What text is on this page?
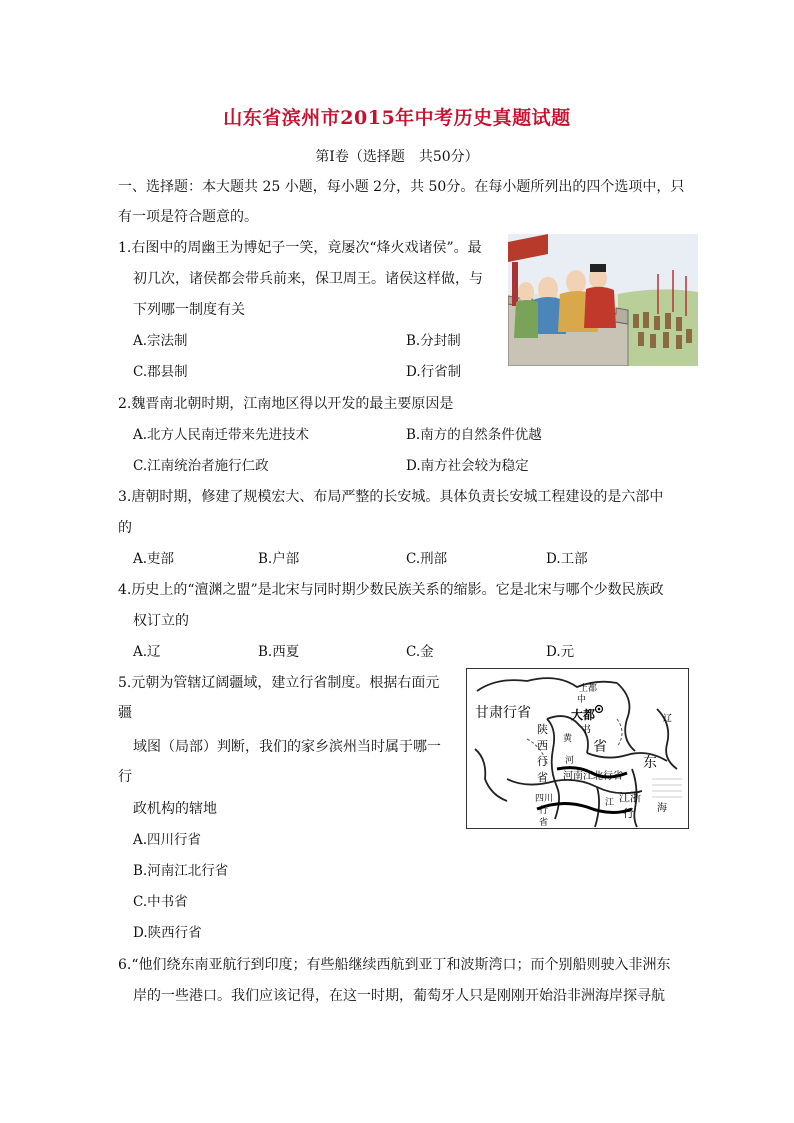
山东省滨州市2015年中考历史真题试题
第Ⅰ卷（选择题　共50分）
一、选择题：本大题共 25 小题，每小题 2分，共 50分。在每小题所列出的四个选项中，只
有一项是符合题意的。
1.右图中的周幽王为博妃子一笑，竟屡次“烽火戏诸侯”。最
初几次，诸侯都会带兵前来，保卫周王。诸侯这样做，与
下列哪一制度有关
A.宗法制	B.分封制
C.郡县制	D.行省制
2.魏晋南北朝时期，江南地区得以开发的最主要原因是
A.北方人民南迁带来先进技术	B.南方的自然条件优越
C.江南统治者施行仁政	D.南方社会较为稳定
3.唐朝时期，修建了规模宏大、布局严整的长安城。具体负责长安城工程建设的是六部中
的
A.吏部	B.户部	C.刑部	D.工部
4.历史上的“澶渊之盟”是北宋与同时期少数民族关系的缩影。它是北宋与哪个少数民族政
权订立的
A.辽	B.西夏	C.金	D.元
5.元朝为管辖辽阔疆域，建立行省制度。根据右面元
疆
域图（局部）判断，我们的家乡滨州当时属于哪一
行
政机构的辖地
A.四川行省
B.河南江北行省
C.中书省
D.陕西行省
甘肃行省
陕
西
行
省
上都
中
大都
书
省
黄
河
河南江北行省
东
海
四川
行
省
江 江浙
行
辽
6.“他们绕东南亚航行到印度；有些船继续西航到亚丁和波斯湾口；而个别船则驶入非洲东
岸的一些港口。我们应该记得，在这一时期，葡萄牙人只是刚刚开始沿非洲海岸探寻航
